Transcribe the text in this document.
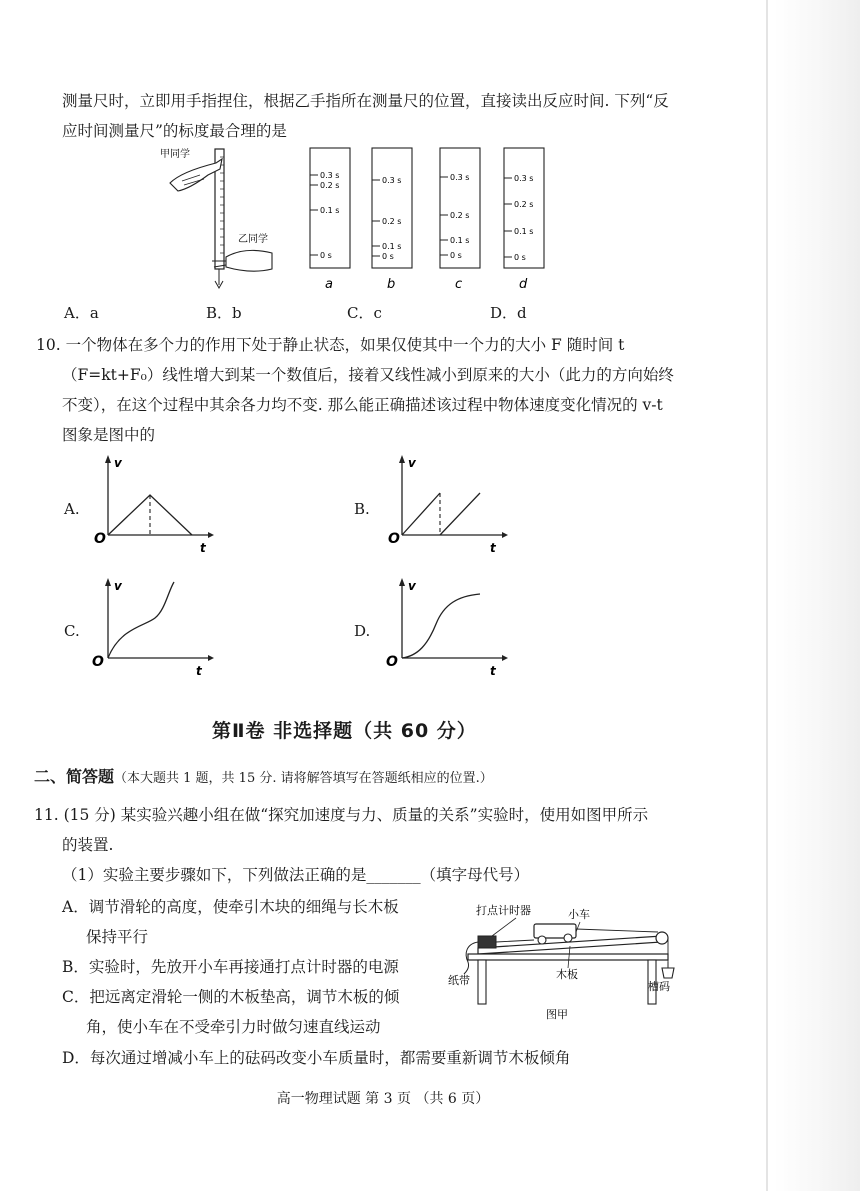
测量尺时，立即用手指捏住，根据乙手指所在测量尺的位置，直接读出反应时间. 下列“反
应时间测量尺”的标度最合理的是
甲同学
乙同学
0.3 s
0.2 s
0.1 s
0 s
a
0.3 s
0.2 s
0.1 s
0 s
b
0.3 s
0.2 s
0.1 s
0 s
c
0.3 s
0.2 s
0.1 s
0 s
d
A．a	B．b	C．c	D．d
10. 一个物体在多个力的作用下处于静止状态，如果仅使其中一个力的大小 F 随时间 t
（F=kt+F₀）线性增大到某一个数值后，接着又线性减小到原来的大小（此力的方向始终
不变），在这个过程中其余各力均不变. 那么能正确描述该过程中物体速度变化情况的 v-t
图象是图中的
A.
v
t
O
B.
v
t
O
C.
v
t
O
D.
v
t
O
第Ⅱ卷 非选择题（共 60 分）
二、简答题（本大题共 1 题，共 15 分. 请将解答填写在答题纸相应的位置.）
11. (15 分) 某实验兴趣小组在做“探究加速度与力、质量的关系”实验时，使用如图甲所示
的装置.
（1）实验主要步骤如下，下列做法正确的是_______（填字母代号）
A．调节滑轮的高度，使牵引木块的细绳与长木板
保持平行
B．实验时，先放开小车再接通打点计时器的电源
C．把远离定滑轮一侧的木板垫高，调节木板的倾
角，使小车在不受牵引力时做匀速直线运动
D．每次通过增减小车上的砝码改变小车质量时，都需要重新调节木板倾角
打点计时器	小车
纸带	木板
槽码
图甲
高一物理试题 第 3 页 （共 6 页）
